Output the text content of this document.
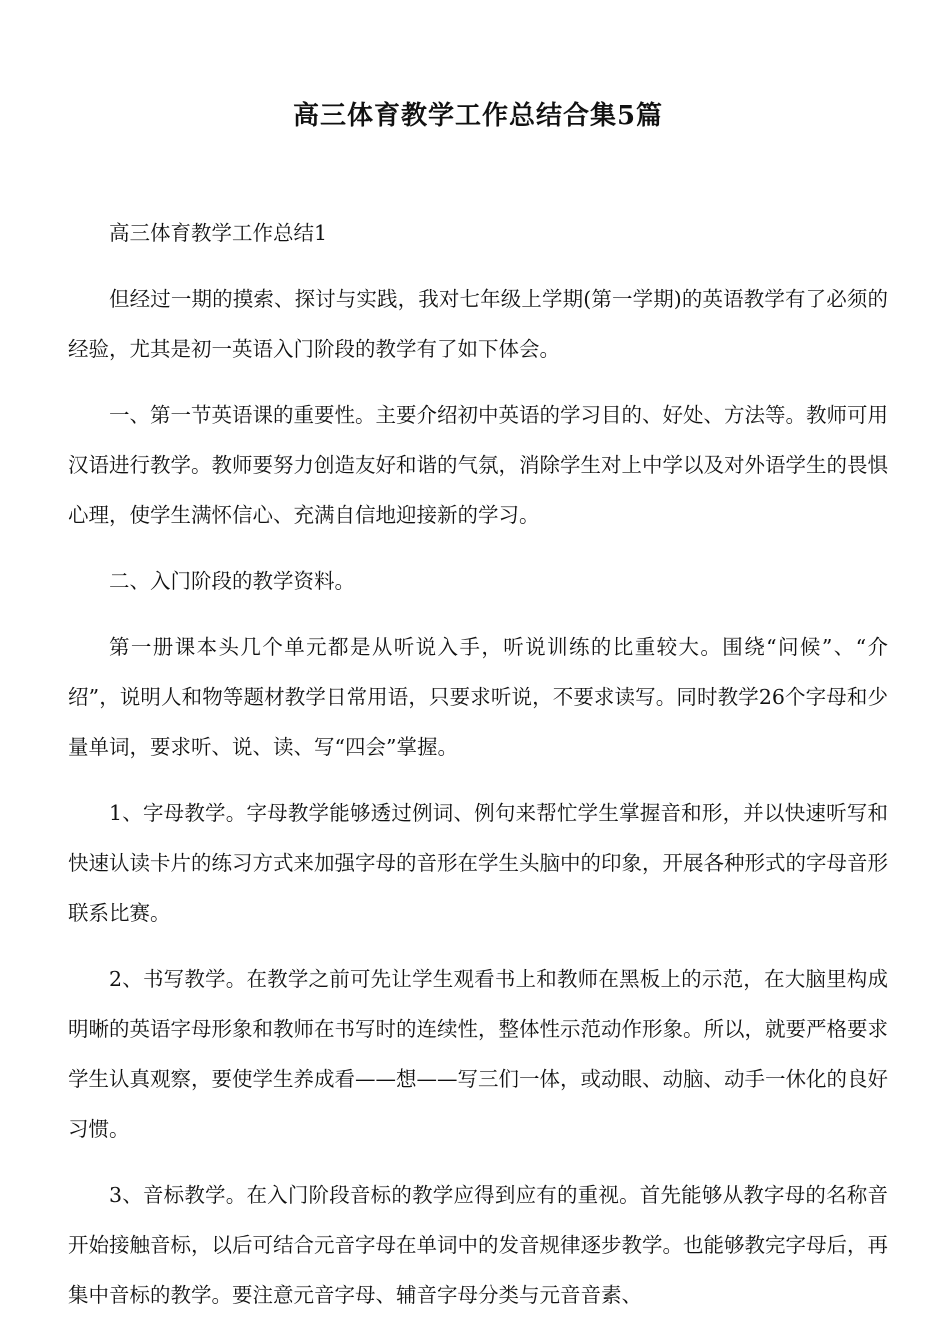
高三体育教学工作总结合集5篇

高三体育教学工作总结1

但经过一期的摸索、探讨与实践，我对七年级上学期(第一学期)的英语教学有了必须的经验，尤其是初一英语入门阶段的教学有了如下体会。

一、第一节英语课的重要性。主要介绍初中英语的学习目的、好处、方法等。教师可用汉语进行教学。教师要努力创造友好和谐的气氛，消除学生对上中学以及对外语学生的畏惧心理，使学生满怀信心、充满自信地迎接新的学习。

二、入门阶段的教学资料。

第一册课本头几个单元都是从听说入手，听说训练的比重较大。围绕“问候”、“介绍”，说明人和物等题材教学日常用语，只要求听说，不要求读写。同时教学26个字母和少量单词，要求听、说、读、写“四会”掌握。

1、字母教学。字母教学能够透过例词、例句来帮忙学生掌握音和形，并以快速听写和快速认读卡片的练习方式来加强字母的音形在学生头脑中的印象，开展各种形式的字母音形联系比赛。

2、书写教学。在教学之前可先让学生观看书上和教师在黑板上的示范，在大脑里构成明晰的英语字母形象和教师在书写时的连续性，整体性示范动作形象。所以，就要严格要求学生认真观察，要使学生养成看——想——写三们一体，或动眼、动脑、动手一休化的良好习惯。

3、音标教学。在入门阶段音标的教学应得到应有的重视。首先能够从教字母的名称音开始接触音标，以后可结合元音字母在单词中的发音规律逐步教学。也能够教完字母后，再集中音标的教学。要注意元音字母、辅音字母分类与元音音素、
